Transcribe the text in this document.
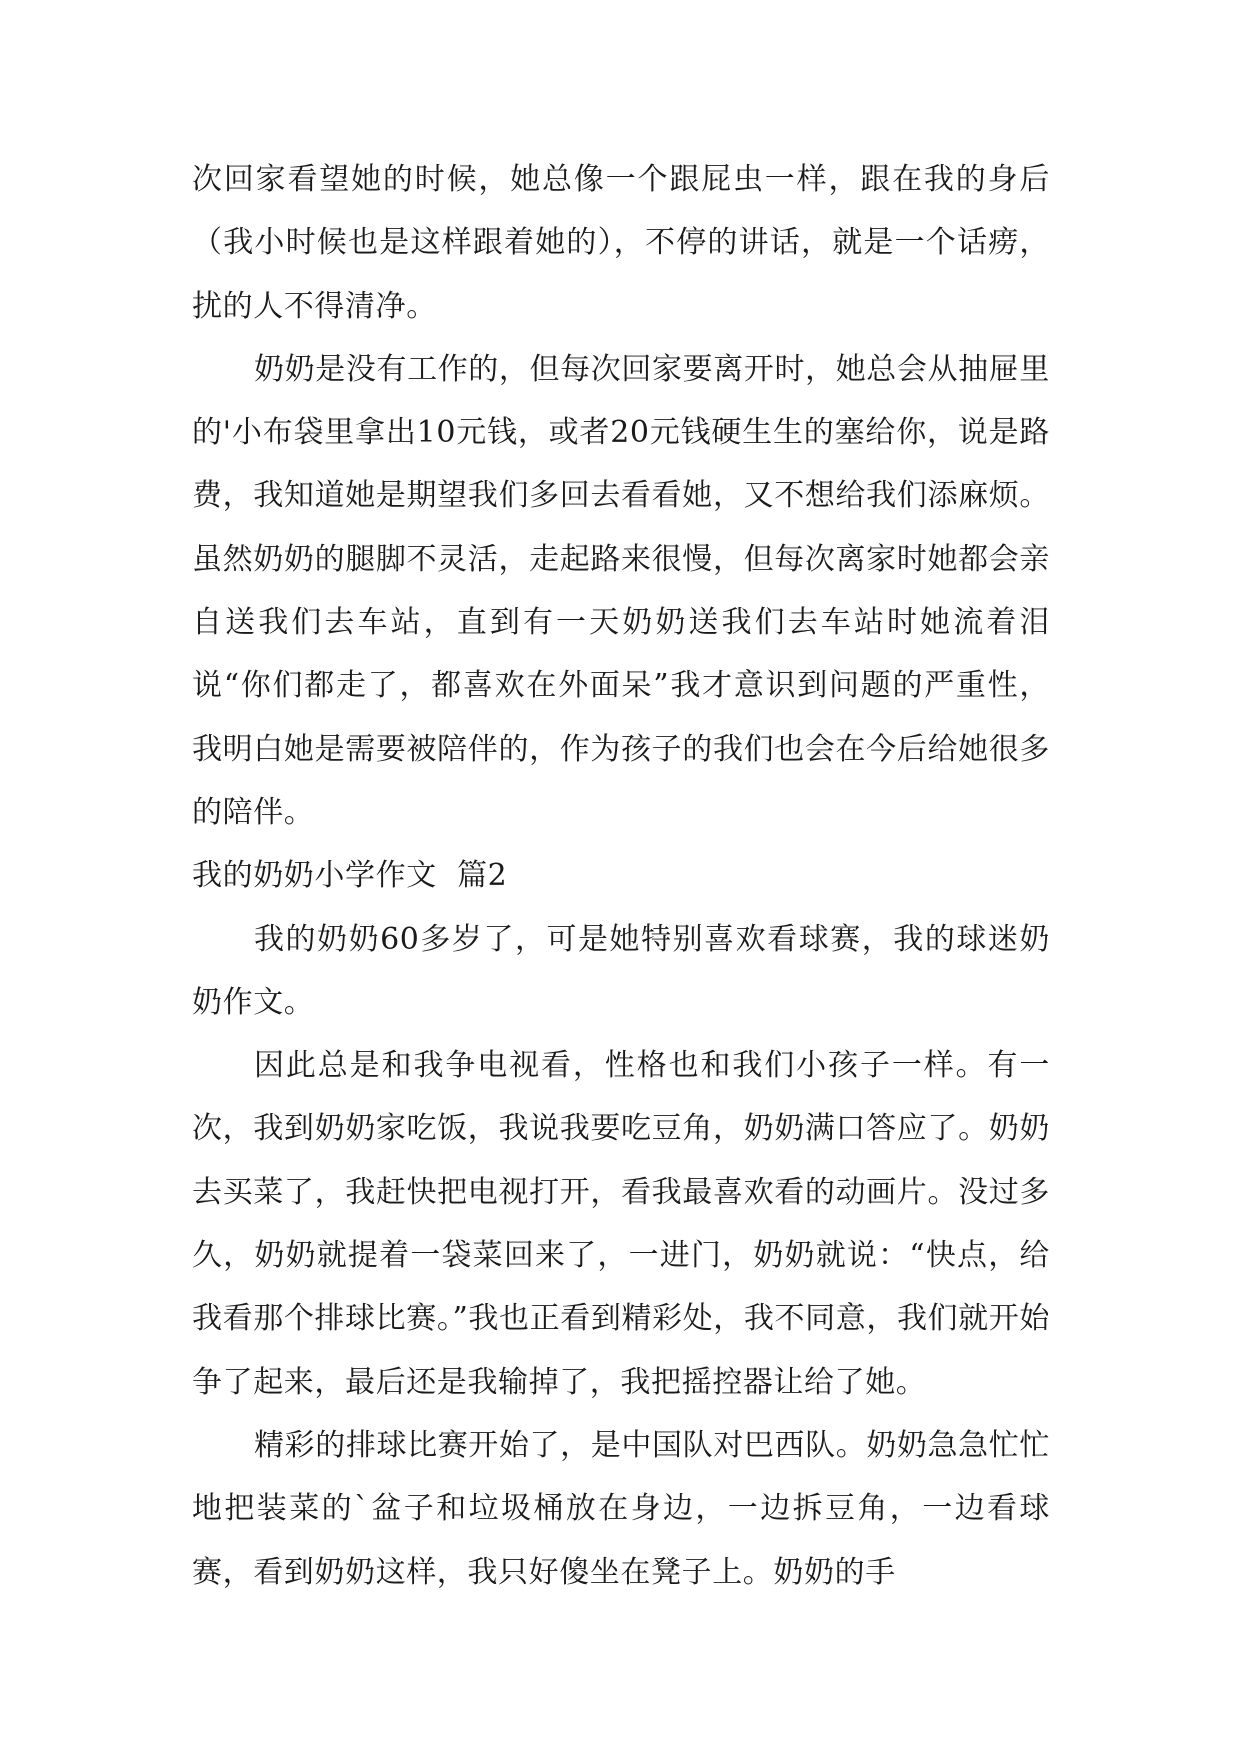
次回家看望她的时候，她总像一个跟屁虫一样，跟在我的身后（我小时候也是这样跟着她的），不停的讲话，就是一个话痨，扰的人不得清净。

奶奶是没有工作的，但每次回家要离开时，她总会从抽屉里的'小布袋里拿出10元钱，或者20元钱硬生生的塞给你，说是路费，我知道她是期望我们多回去看看她，又不想给我们添麻烦。虽然奶奶的腿脚不灵活，走起路来很慢，但每次离家时她都会亲自送我们去车站，直到有一天奶奶送我们去车站时她流着泪说“你们都走了，都喜欢在外面呆”我才意识到问题的严重性，我明白她是需要被陪伴的，作为孩子的我们也会在今后给她很多的陪伴。

我的奶奶小学作文  篇2

我的奶奶60多岁了，可是她特别喜欢看球赛，我的球迷奶奶作文。

因此总是和我争电视看，性格也和我们小孩子一样。有一次，我到奶奶家吃饭，我说我要吃豆角，奶奶满口答应了。奶奶去买菜了，我赶快把电视打开，看我最喜欢看的动画片。没过多久，奶奶就提着一袋菜回来了，一进门，奶奶就说：“快点，给我看那个排球比赛。”我也正看到精彩处，我不同意，我们就开始争了起来，最后还是我输掉了，我把摇控器让给了她。

精彩的排球比赛开始了，是中国队对巴西队。奶奶急急忙忙地把装菜的`盆子和垃圾桶放在身边，一边拆豆角，一边看球赛，看到奶奶这样，我只好傻坐在凳子上。奶奶的手
